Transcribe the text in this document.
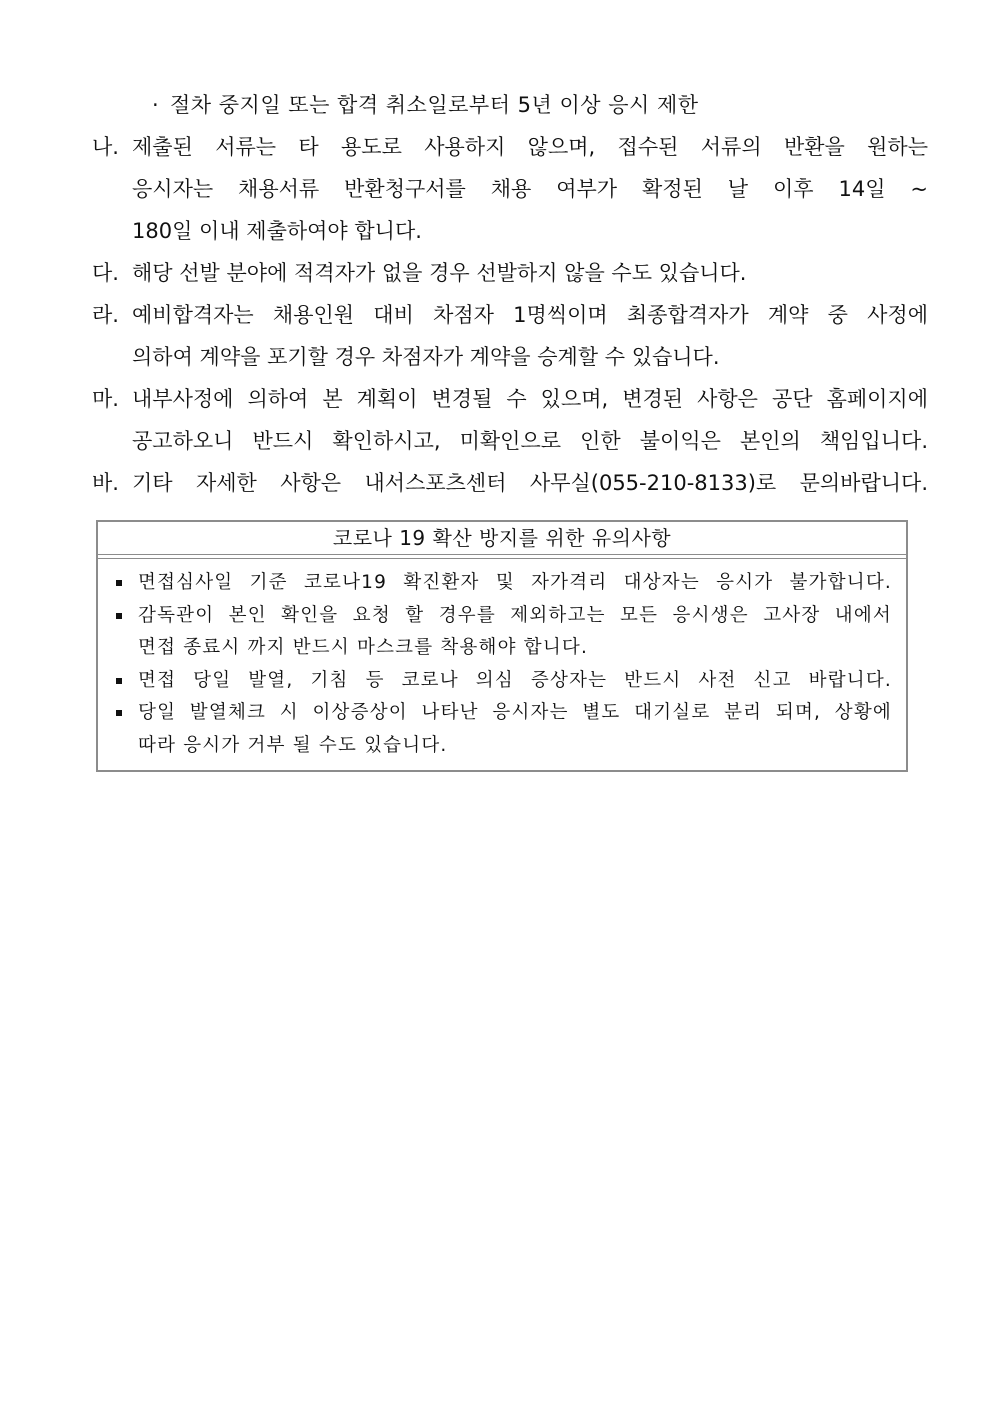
· 절차 중지일 또는 합격 취소일로부터 5년 이상 응시 제한
나. 제출된 서류는 타 용도로 사용하지 않으며, 접수된 서류의 반환을 원하는
응시자는 채용서류 반환청구서를 채용 여부가 확정된 날 이후 14일 ~
180일 이내 제출하여야 합니다.
다. 해당 선발 분야에 적격자가 없을 경우 선발하지 않을 수도 있습니다.
라. 예비합격자는 채용인원 대비 차점자 1명씩이며 최종합격자가 계약 중 사정에
의하여 계약을 포기할 경우 차점자가 계약을 승계할 수 있습니다.
마. 내부사정에 의하여 본 계획이 변경될 수 있으며, 변경된 사항은 공단 홈페이지에
공고하오니 반드시 확인하시고, 미확인으로 인한 불이익은 본인의 책임입니다.
바. 기타 자세한 사항은 내서스포츠센터 사무실(055-210-8133)로 문의바랍니다.
코로나 19 확산 방지를 위한 유의사항
면접심사일 기준 코로나19 확진환자 및 자가격리 대상자는 응시가 불가합니다.
감독관이 본인 확인을 요청 할 경우를 제외하고는 모든 응시생은 고사장 내에서
면접 종료시 까지 반드시 마스크를 착용해야 합니다.
면접 당일 발열, 기침 등 코로나 의심 증상자는 반드시 사전 신고 바랍니다.
당일 발열체크 시 이상증상이 나타난 응시자는 별도 대기실로 분리 되며, 상황에
따라 응시가 거부 될 수도 있습니다.
